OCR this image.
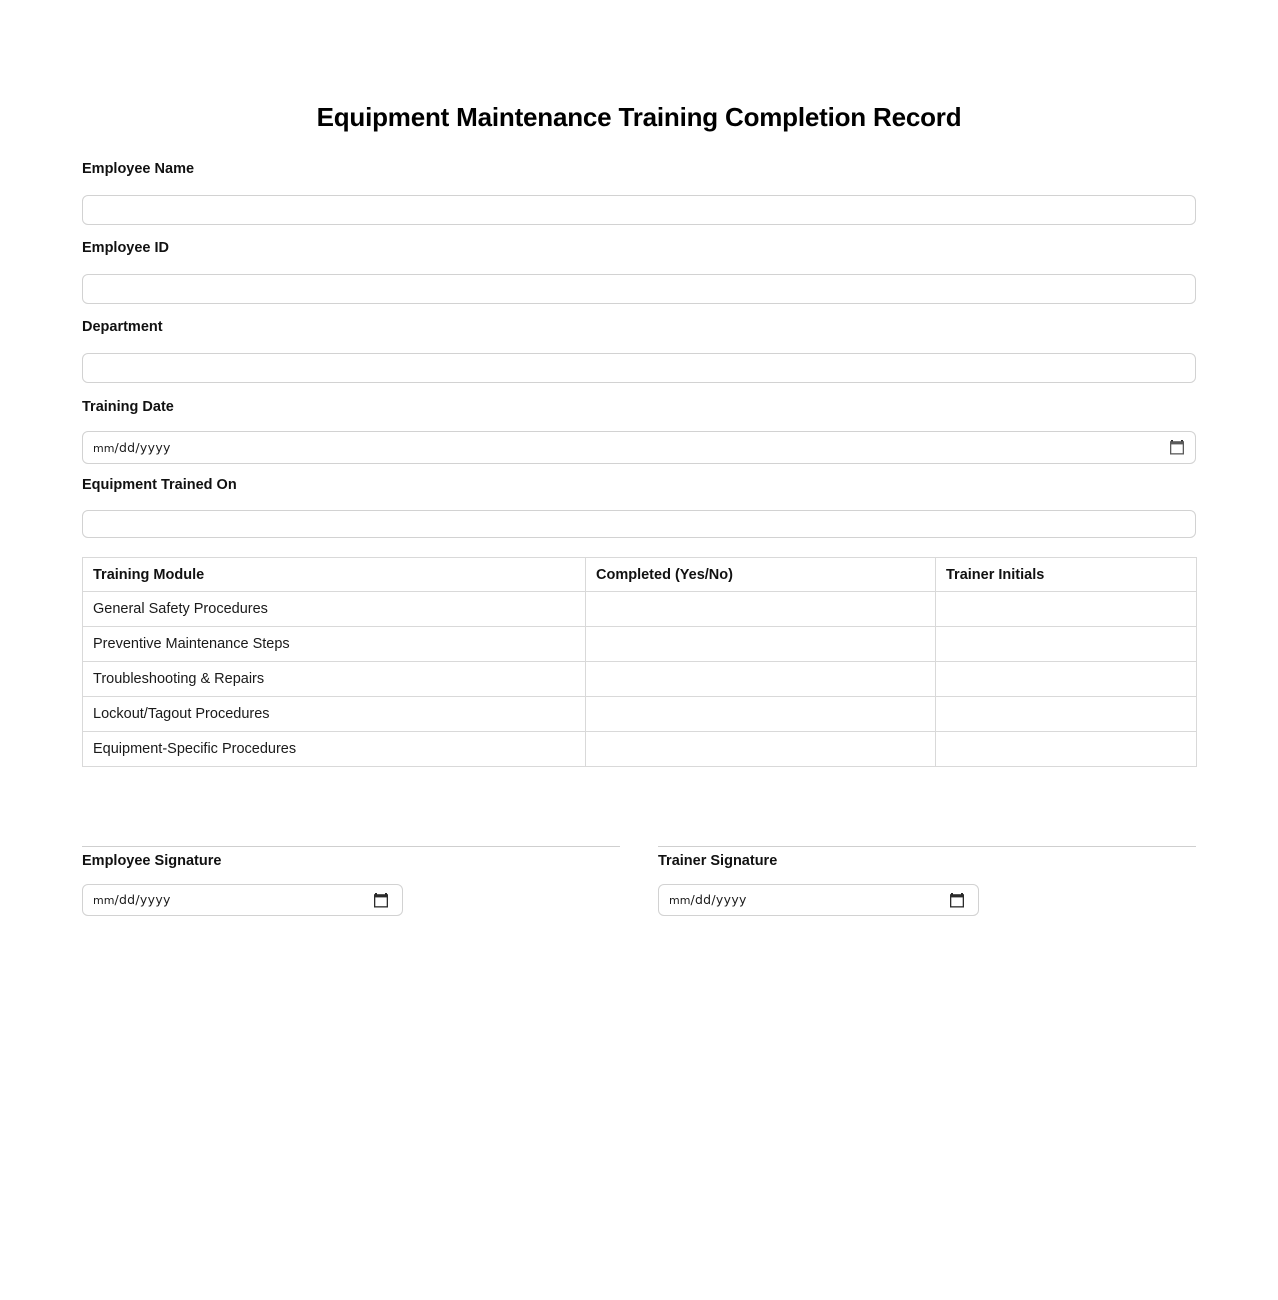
Equipment Maintenance Training Completion Record
Employee Name
Employee ID
Department
Training Date
mm/dd/yyyy
Equipment Trained On
Training Module	Completed (Yes/No)	Trainer Initials
General Safety Procedures		
Preventive Maintenance Steps		
Troubleshooting & Repairs		
Lockout/Tagout Procedures		
Equipment-Specific Procedures		
Employee Signature
mm/dd/yyyy
Trainer Signature
mm/dd/yyyy
